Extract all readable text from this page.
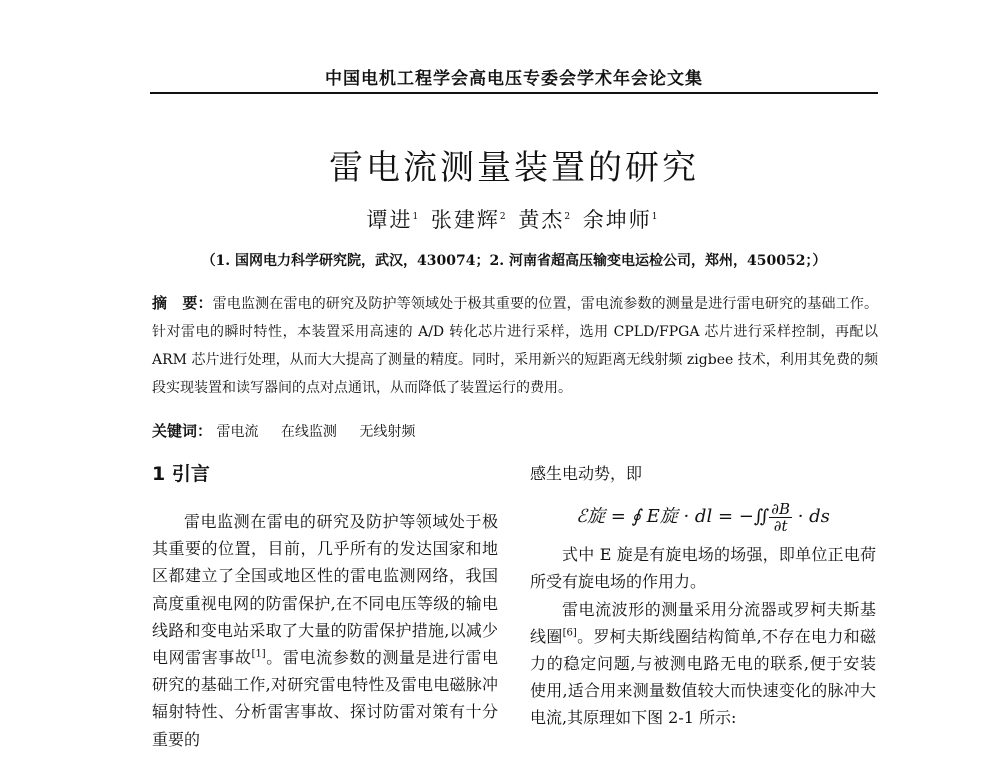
中国电机工程学会高电压专委会学术年会论文集
雷电流测量装置的研究
谭进$^1$ 张建辉$^2$ 黄杰$^2$ 余坤师$^1$
（1. 国网电力科学研究院，武汉，430074；2. 河南省超高压输变电运检公司，郑州，450052；）
摘　要：雷电监测在雷电的研究及防护等领域处于极其重要的位置，雷电流参数的测量是进行雷电研究的基础工作。针对雷电的瞬时特性，本装置采用高速的 A/D 转化芯片进行采样，选用 CPLD/FPGA 芯片进行采样控制，再配以 ARM 芯片进行处理，从而大大提高了测量的精度。同时，采用新兴的短距离无线射频 zigbee 技术，利用其免费的频段实现装置和读写器间的点对点通讯，从而降低了装置运行的费用。
关键词： 雷电流 在线监测 无线射频
1 引言

雷电监测在雷电的研究及防护等领域处于极其重要的位置，目前，几乎所有的发达国家和地区都建立了全国或地区性的雷电监测网络，我国高度重视电网的防雷保护,在不同电压等级的输电线路和变电站采取了大量的防雷保护措施,以减少电网雷害事故[1]。雷电流参数的测量是进行雷电研究的基础工作,对研究雷电特性及雷电电磁脉冲辐射特性、分析雷害事故、探讨防雷对策有十分重要的

感生电动势，即

ℰ旋 = ∮ E旋 · dl = −∬ $\frac{\partial B}{\partial t}$ · ds

式中 E 旋是有旋电场的场强，即单位正电荷所受有旋电场的作用力。

雷电流波形的测量采用分流器或罗柯夫斯基线圈[6]。罗柯夫斯线圈结构简单,不存在电力和磁力的稳定问题,与被测电路无电的联系,便于安装使用,适合用来测量数值较大而快速变化的脉冲大电流,其原理如下图 2-1 所示:
